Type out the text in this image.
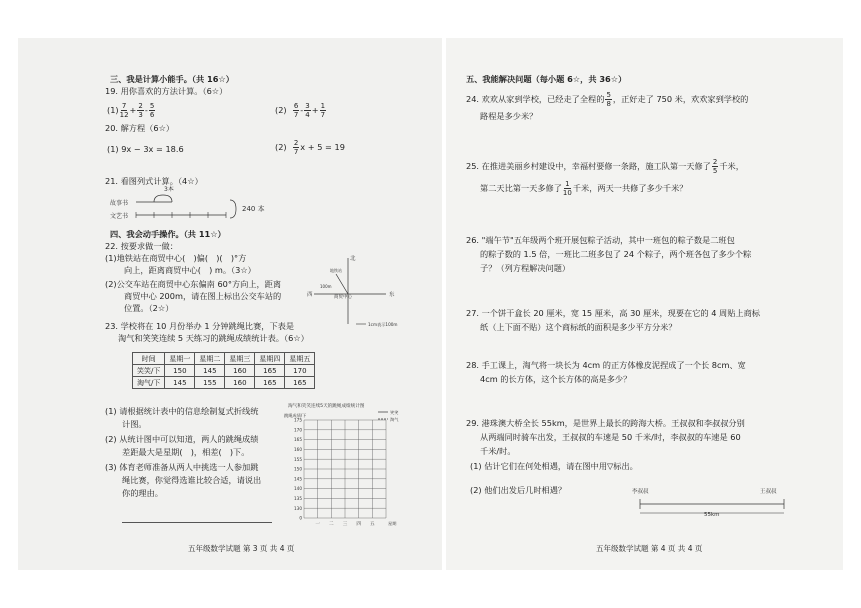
三、我是计算小能手。（共 16☆）
19. 用你喜欢的方法计算。（6☆）
$(1) \frac{7}{12} + \frac{2}{3} - \frac{5}{6}$	(2)
$\frac{6}{7} - \frac{3}{4} + \frac{1}{7}$
20. 解方程（6☆）
(1) 9x − 3x = 18.6	(2)
$\frac{2}{7}$ x + 5 = 19
21. 看图列式计算。（4☆）
3本
故事书
文艺书
240 本
四、我会动手操作。（共 11☆）
22. 按要求做一做：
(1)地铁站在商贸中心(　)偏(　)(　)°方
向上，距离商贸中心(　) m。（3☆）
(2)公交车站在商贸中心东偏南 60°方向上，距离
商贸中心 200m，请在图上标出公交车站的
位置。（2☆）
北
东
西	商贸中心
100m
地铁站
1cm表示100m
23. 学校将在 10 月份举办 1 分钟跳绳比赛，下表是
淘气和笑笑连续 5 天练习的跳绳成绩统计表。（6☆）
时间	星期一	星期二	星期三	星期四	星期五
笑笑/下	150	145	160	165	170
淘气/下	145	155	160	165	165
(1) 请根据统计表中的信息绘制复式折线统
计图。
(2) 从统计图中可以知道，两人的跳绳成绩
差距最大是星期(　)，相差(　)下。
(3) 体育老师准备从两人中挑选一人参加跳
绳比赛，你觉得选谁比较合适，请说出
你的理由。
淘气和笑笑连续5天的跳绳成绩统计图
跳绳成绩/下
笑笑
淘气
175
170
165
160
155
150
145
140
135
130
0
一 二 三 四 五	星期
五年级数学试题 第 3 页 共 4 页
五、我能解决问题（每小题 6☆，共 36☆）
24. 欢欢从家到学校，已经走了全程的 $\frac{5}{8}$ ，正好走了 750 米，欢欢家到学校的
路程是多少米？
25. 在推进美丽乡村建设中，幸福村要修一条路，施工队第一天修了 $\frac{2}{5}$ 千米，
第二天比第一天多修了 $\frac{1}{10}$ 千米，两天一共修了多少千米？
26. "端午节"五年级两个班开展包粽子活动，其中一班包的粽子数是二班包
的粽子数的 1.5 倍，一班比二班多包了 24 个粽子，两个班各包了多少个粽
子？（列方程解决问题）
27. 一个饼干盒长 20 厘米，宽 15 厘米，高 30 厘米，现要在它的 4 周贴上商标
纸（上下面不贴）这个商标纸的面积是多少平方分米？
28. 手工课上，淘气将一块长为 4cm 的正方体橡皮泥捏成了一个长 8cm、宽
4cm 的长方体，这个长方体的高是多少？
29. 港珠澳大桥全长 55km，是世界上最长的跨海大桥。王叔叔和李叔叔分别
从两端同时骑车出发，王叔叔的车速是 50 千米/时，李叔叔的车速是 60
千米/时。
(1) 估计它们在何处相遇，请在图中用▽标出。
(2) 他们出发后几时相遇？	李叔叔	王叔叔
55km
五年级数学试题 第 4 页 共 4 页
